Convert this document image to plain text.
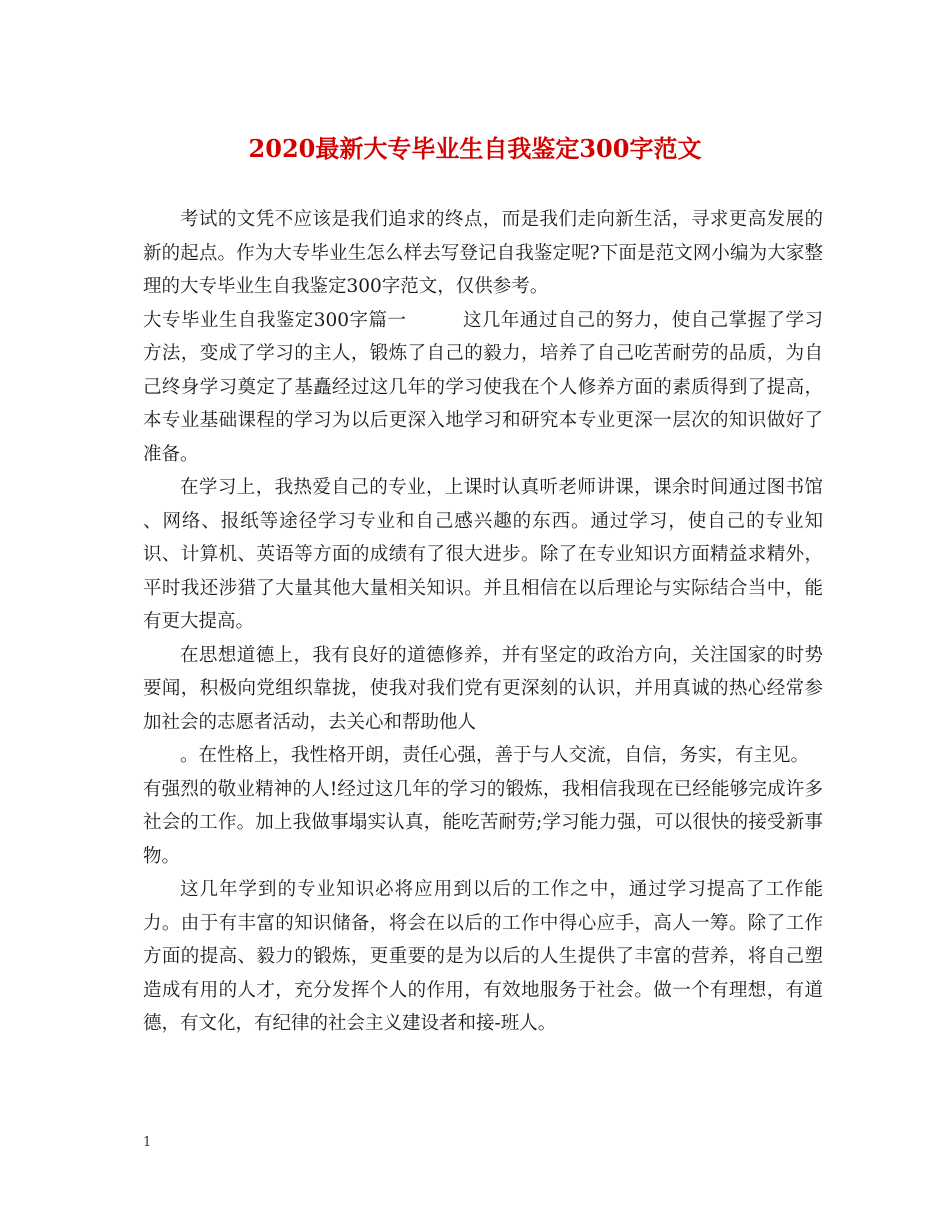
2020最新大专毕业生自我鉴定300字范文

考试的文凭不应该是我们追求的终点，而是我们走向新生活，寻求更高发展的新的起点。作为大专毕业生怎么样去写登记自我鉴定呢?下面是范文网小编为大家整理的大专毕业生自我鉴定300字范文，仅供参考。

大专毕业生自我鉴定300字篇一	这几年通过自己的努力，使自己掌握了学习方法，变成了学习的主人，锻炼了自己的毅力，培养了自己吃苦耐劳的品质，为自己终身学习奠定了基矗经过这几年的学习使我在个人修养方面的素质得到了提高，本专业基础课程的学习为以后更深入地学习和研究本专业更深一层次的知识做好了准备。

在学习上，我热爱自己的专业，上课时认真听老师讲课，课余时间通过图书馆 、网络、报纸等途径学习专业和自己感兴趣的东西。通过学习，使自己的专业知识、计算机、英语等方面的成绩有了很大进步。除了在专业知识方面精益求精外，平时我还涉猎了大量其他大量相关知识。并且相信在以后理论与实际结合当中，能有更大提高。

在思想道德上，我有良好的道德修养，并有坚定的政治方向，关注国家的时势要闻，积极向党组织靠拢，使我对我们党有更深刻的认识，并用真诚的热心经常参加社会的志愿者活动，去关心和帮助他人

。在性格上，我性格开朗，责任心强，善于与人交流，自信，务实，有主见。

有强烈的敬业精神的人!经过这几年的学习的锻炼，我相信我现在已经能够完成许多社会的工作。加上我做事塌实认真，能吃苦耐劳;学习能力强，可以很快的接受新事物。

这几年学到的专业知识必将应用到以后的工作之中，通过学习提高了工作能力。由于有丰富的知识储备，将会在以后的工作中得心应手，高人一筹。除了工作方面的提高、毅力的锻炼，更重要的是为以后的人生提供了丰富的营养，将自己塑造成有用的人才，充分发挥个人的作用，有效地服务于社会。做一个有理想，有道德，有文化，有纪律的社会主义建设者和接-班人。

1
